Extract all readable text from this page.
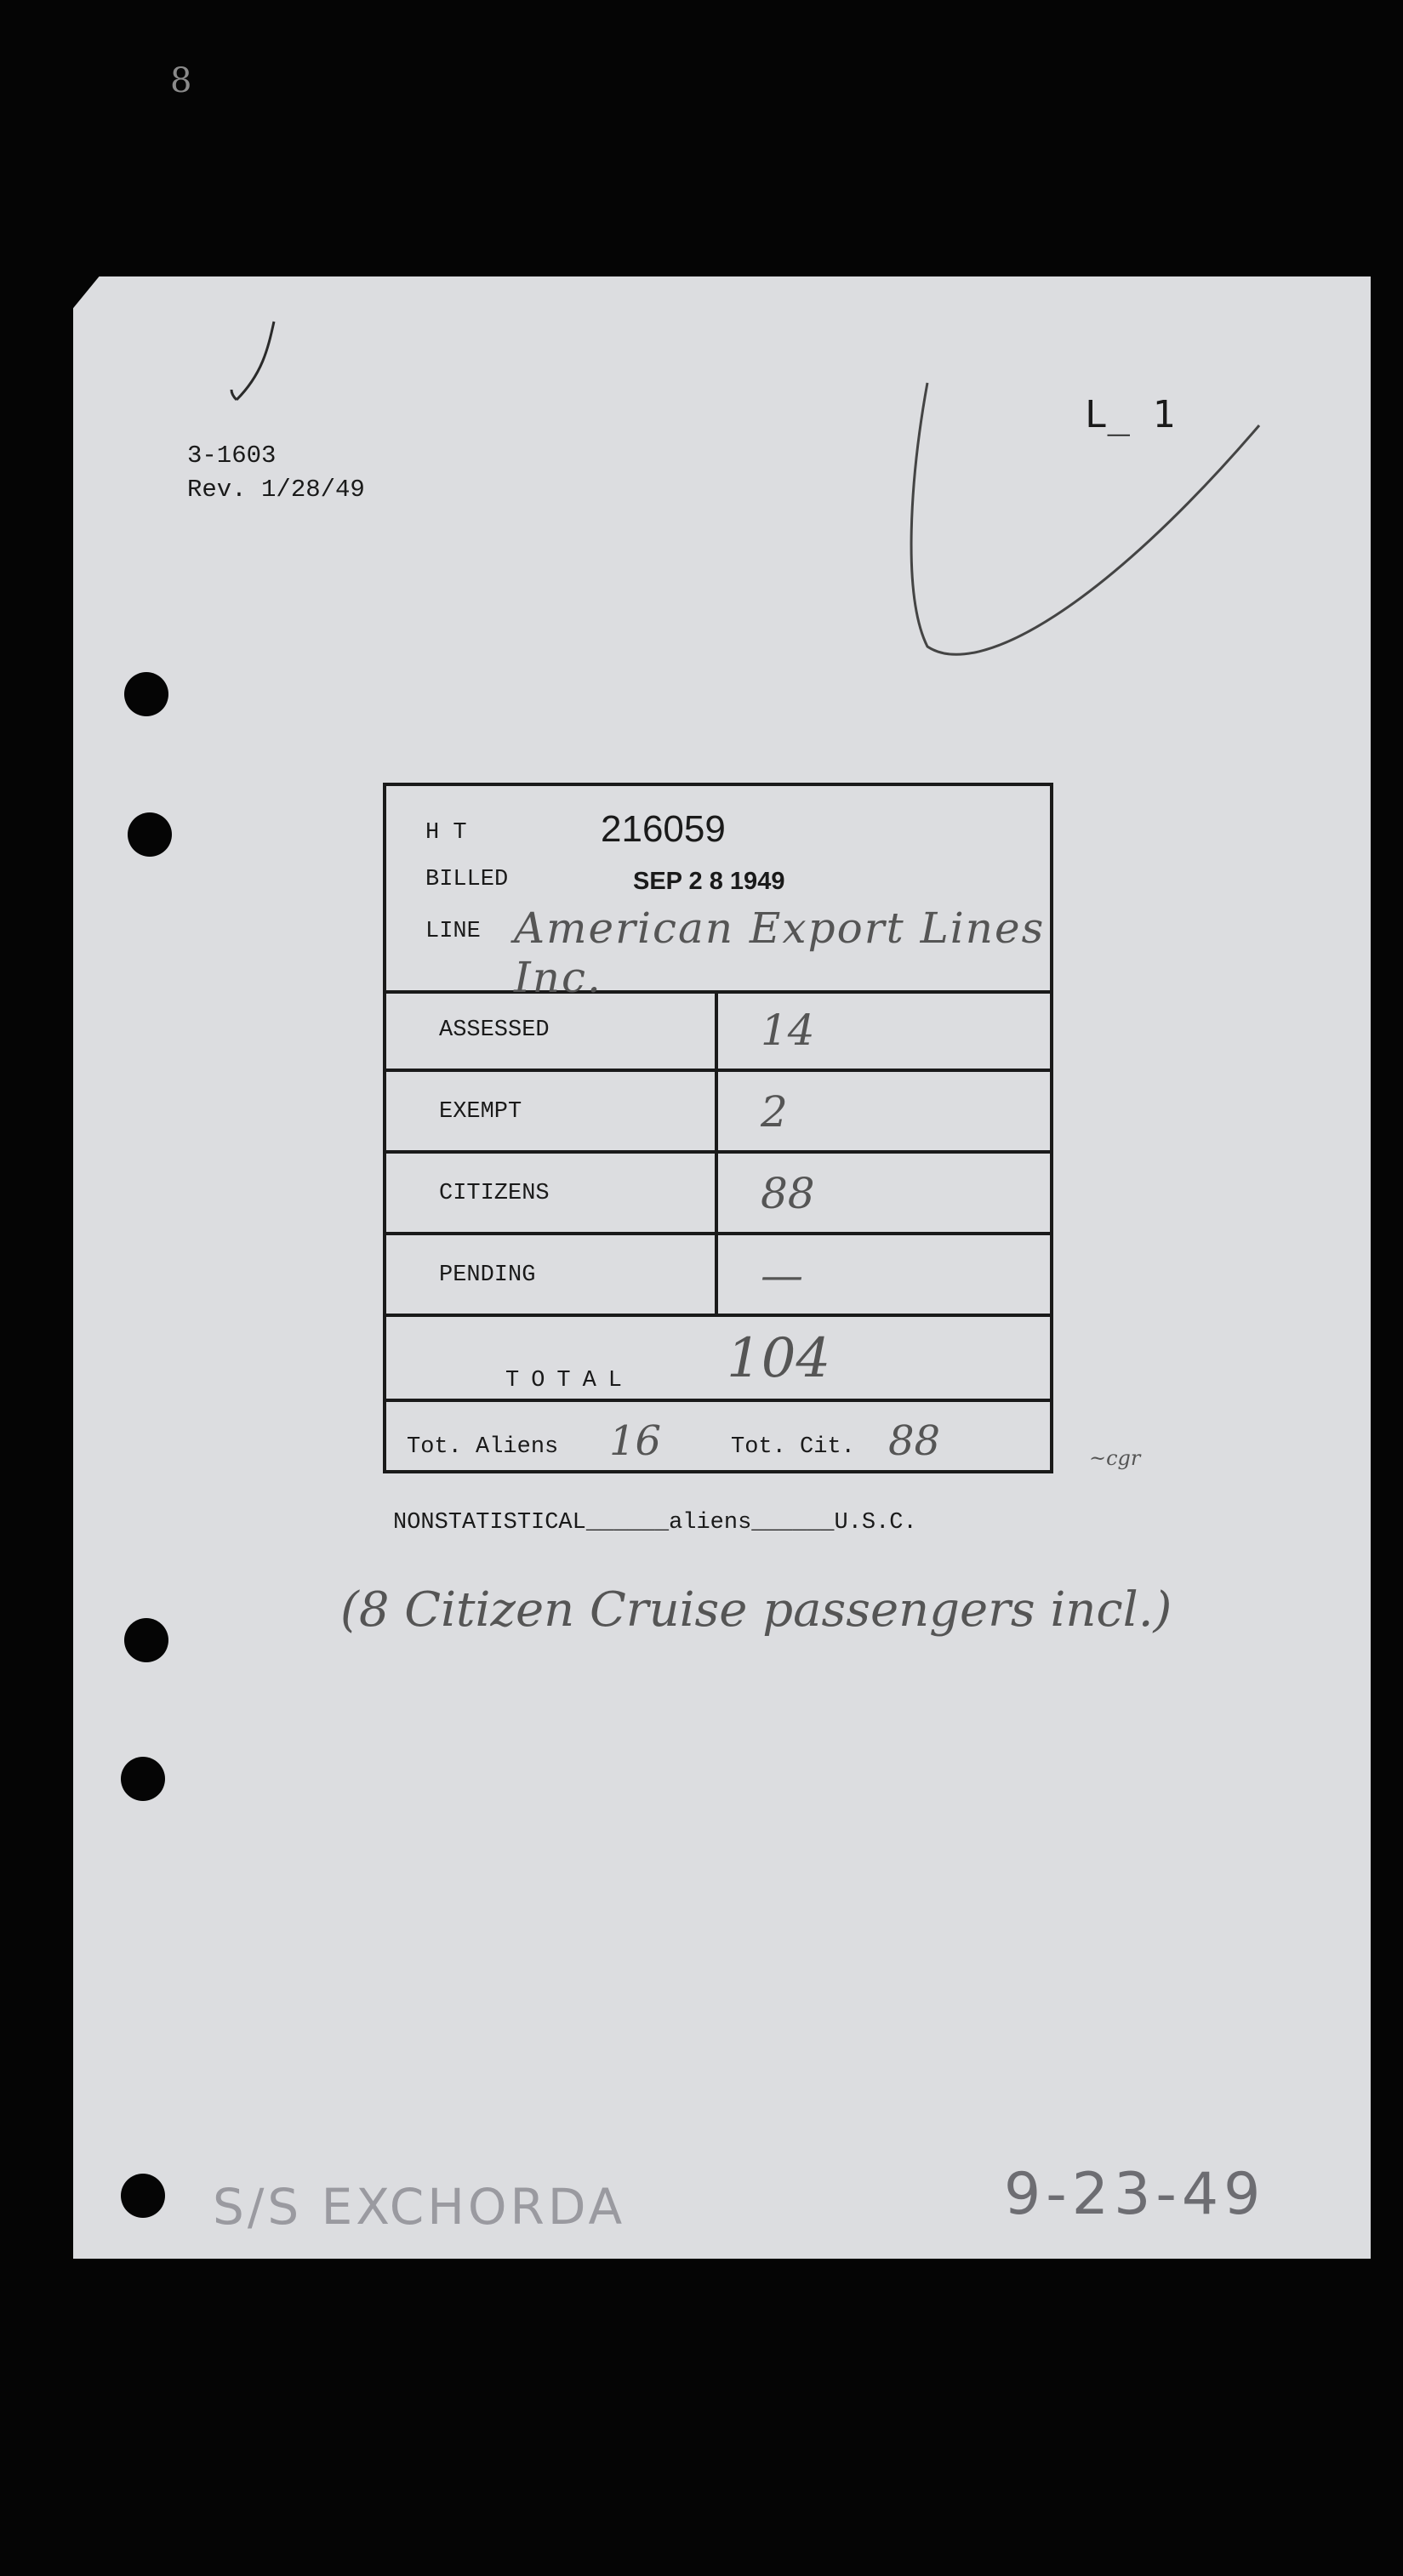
8
3-1603
Rev. 1/28/49
L_ 1
H T	216059
BILLED	SEP 2 8 1949
LINE American Export Lines Inc.
ASSESSED	14
EXEMPT	2
CITIZENS	88
PENDING	—
TOTAL 104
Tot. Aliens 16	Tot. Cit. 88	~cgr
NONSTATISTICAL______aliens______U.S.C.
(8 Citizen Cruise passengers incl.)
S/S EXCHORDA	9-23-49
